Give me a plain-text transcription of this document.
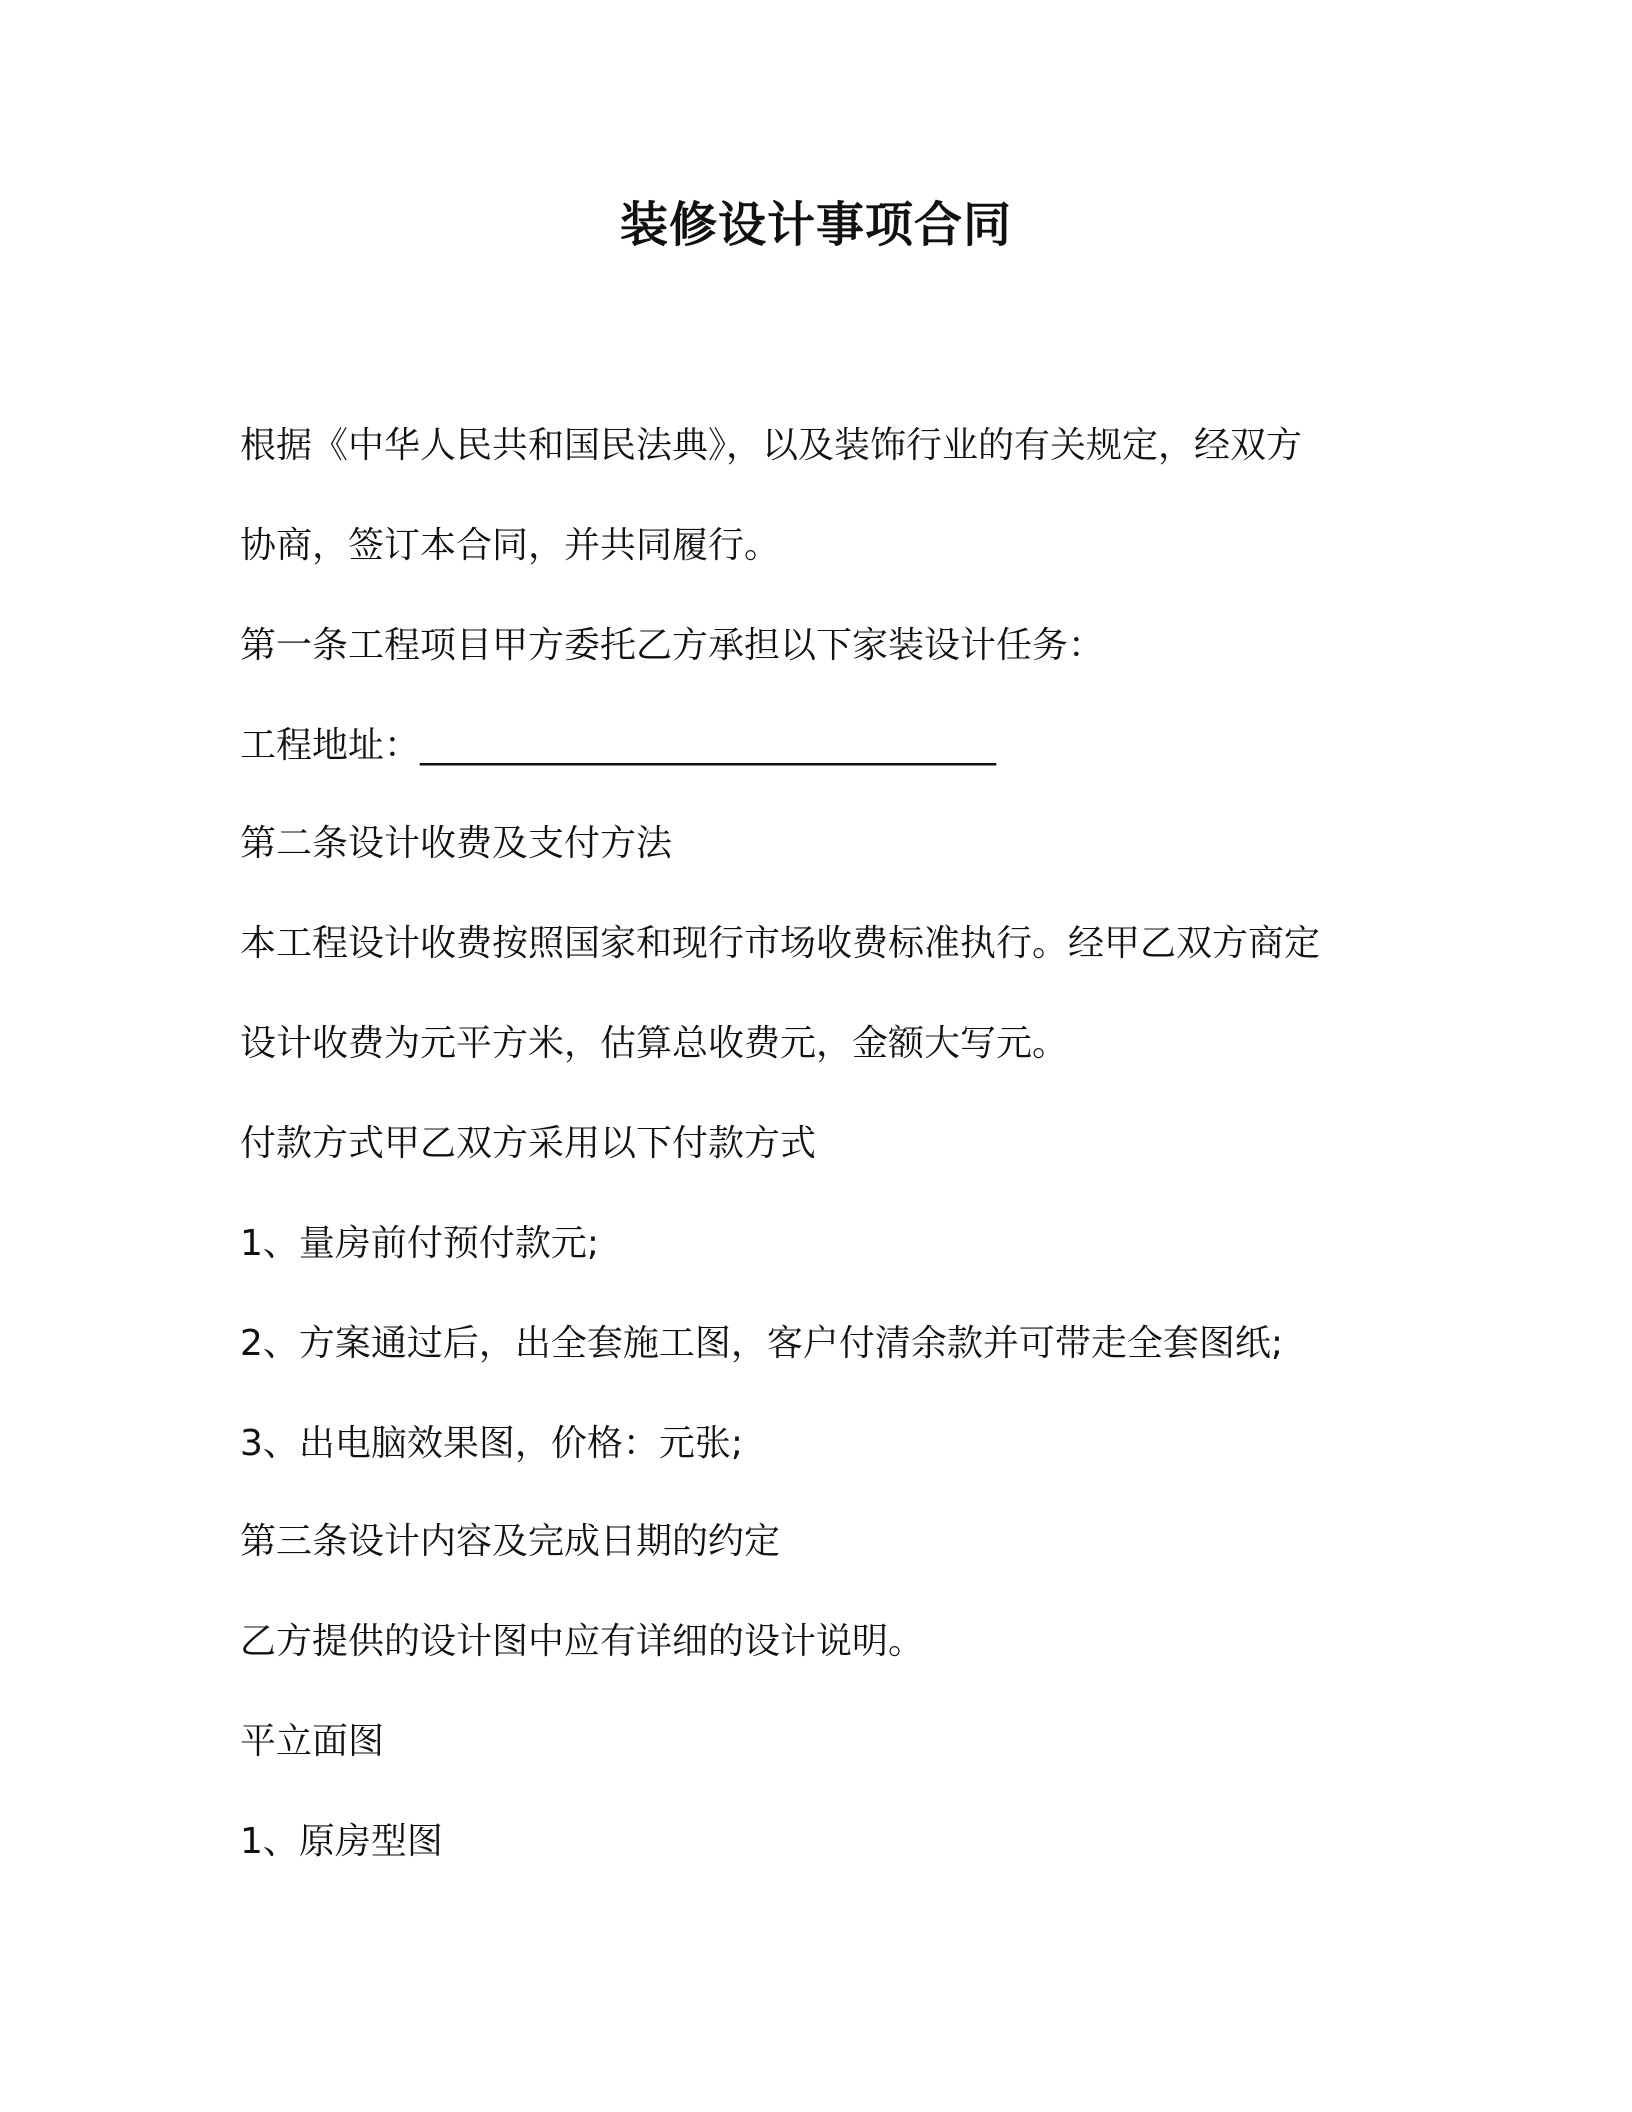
装修设计事项合同
根据《中华人民共和国民法典》，以及装饰行业的有关规定，经双方
协商，签订本合同，并共同履行。
第一条工程项目甲方委托乙方承担以下家装设计任务：
工程地址：________________________________
第二条设计收费及支付方法
本工程设计收费按照国家和现行市场收费标准执行。经甲乙双方商定
设计收费为元平方米，估算总收费元，金额大写元。
付款方式甲乙双方采用以下付款方式
1、量房前付预付款元;
2、方案通过后，出全套施工图，客户付清余款并可带走全套图纸;
3、出电脑效果图，价格：元张;
第三条设计内容及完成日期的约定
乙方提供的设计图中应有详细的设计说明。
平立面图
1、原房型图
